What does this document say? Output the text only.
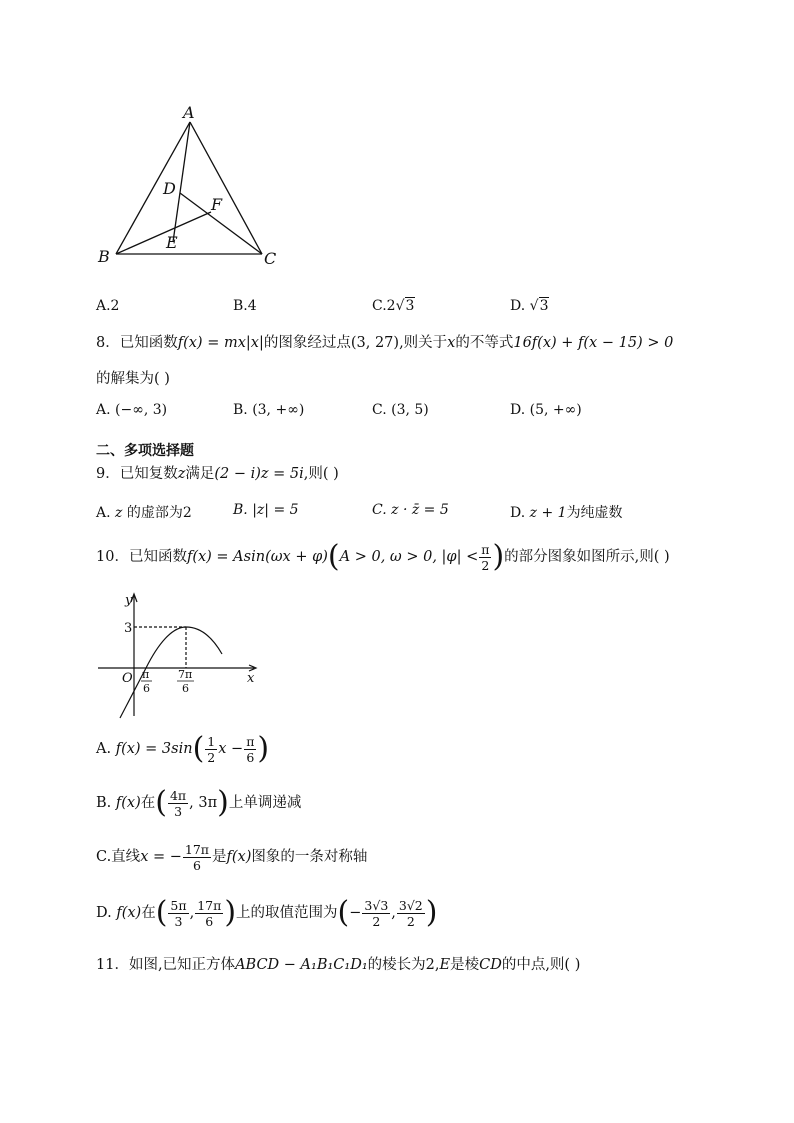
A
B	C
D
E
F
A.2	B.4	C.2√3	D. √3
8．已知函数f(x) = mx|x|的图象经过点(3, 27),则关于x的不等式16f(x) + f(x − 15) > 0
的解集为( )
A. (−∞, 3)	B. (3, +∞)	C. (3, 5)	D. (5, +∞)
二、多项选择题
9．已知复数z满足(2 − i)z = 5i,则( )
A. z 的虚部为2	B. |z| = 5	C. z · z̄ = 5	D. z + 1为纯虚数
10．已知函数f(x) = Asin(ωx + φ)(A > 0, ω > 0, $|\varphi| < \frac{\pi}{2}$ )的部分图象如图所示,则( )
y
x
O
3
π
6
7π
6
A. $f(x) = 3\sin( \frac{1}{2}$ $x - \frac{\pi}{6}$ )
B. f(x)在( $\frac{4\pi}{3}$ , 3π)上单调递减
C.直线x = − $\frac{17\pi}{6}$ 是f(x)图象的一条对称轴
D. f(x)在( $\frac{5\pi}{3}$ , $\frac{17\pi}{6}$ )上的取值范围为(− $\frac{3√3}{2}$ , $\frac{3√2}{2}$ )
11．如图,已知正方体ABCD − A₁B₁C₁D₁的棱长为2,E是棱CD的中点,则( )
